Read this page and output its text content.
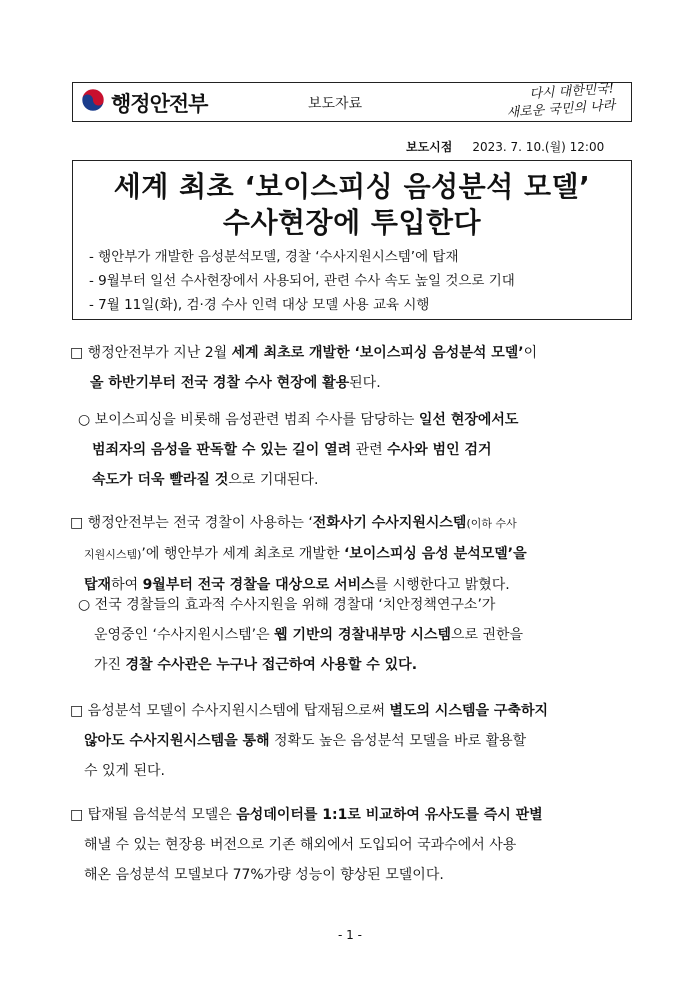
행정안전부	보도자료
다시 대한민국!
새로운 국민의 나라
보도시점 2023. 7. 10.(월) 12:00
세계 최초 ‘보이스피싱 음성분석 모델’
수사현장에 투입한다
- 행안부가 개발한 음성분석모델, 경찰 ‘수사지원시스템’에 탑재
- 9월부터 일선 수사현장에서 사용되어, 관련 수사 속도 높일 것으로 기대
- 7월 11일(화), 검·경 수사 인력 대상 모델 사용 교육 시행
□ 행정안전부가 지난 2월 세계 최초로 개발한 ‘보이스피싱 음성분석 모델’이
올 하반기부터 전국 경찰 수사 현장에 활용된다.
○ 보이스피싱을 비롯해 음성관련 범죄 수사를 담당하는 일선 현장에서도
범죄자의 음성을 판독할 수 있는 길이 열려 관련 수사와 범인 검거
속도가 더욱 빨라질 것으로 기대된다.
□ 행정안전부는 전국 경찰이 사용하는 ‘전화사기 수사지원시스템(이하 수사
지원시스템)’에 행안부가 세계 최초로 개발한 ‘보이스피싱 음성 분석모델’을
탑재하여 9월부터 전국 경찰을 대상으로 서비스를 시행한다고 밝혔다.
○ 전국 경찰들의 효과적 수사지원을 위해 경찰대 ‘치안정책연구소’가
운영중인 ‘수사지원시스템’은 웹 기반의 경찰내부망 시스템으로 권한을
가진 경찰 수사관은 누구나 접근하여 사용할 수 있다.
□ 음성분석 모델이 수사지원시스템에 탑재됨으로써 별도의 시스템을 구축하지
않아도 수사지원시스템을 통해 정확도 높은 음성분석 모델을 바로 활용할
수 있게 된다.
□ 탑재될 음석분석 모델은 음성데이터를 1:1로 비교하여 유사도를 즉시 판별
해낼 수 있는 현장용 버전으로 기존 해외에서 도입되어 국과수에서 사용
해온 음성분석 모델보다 77%가량 성능이 향상된 모델이다.
- 1 -
